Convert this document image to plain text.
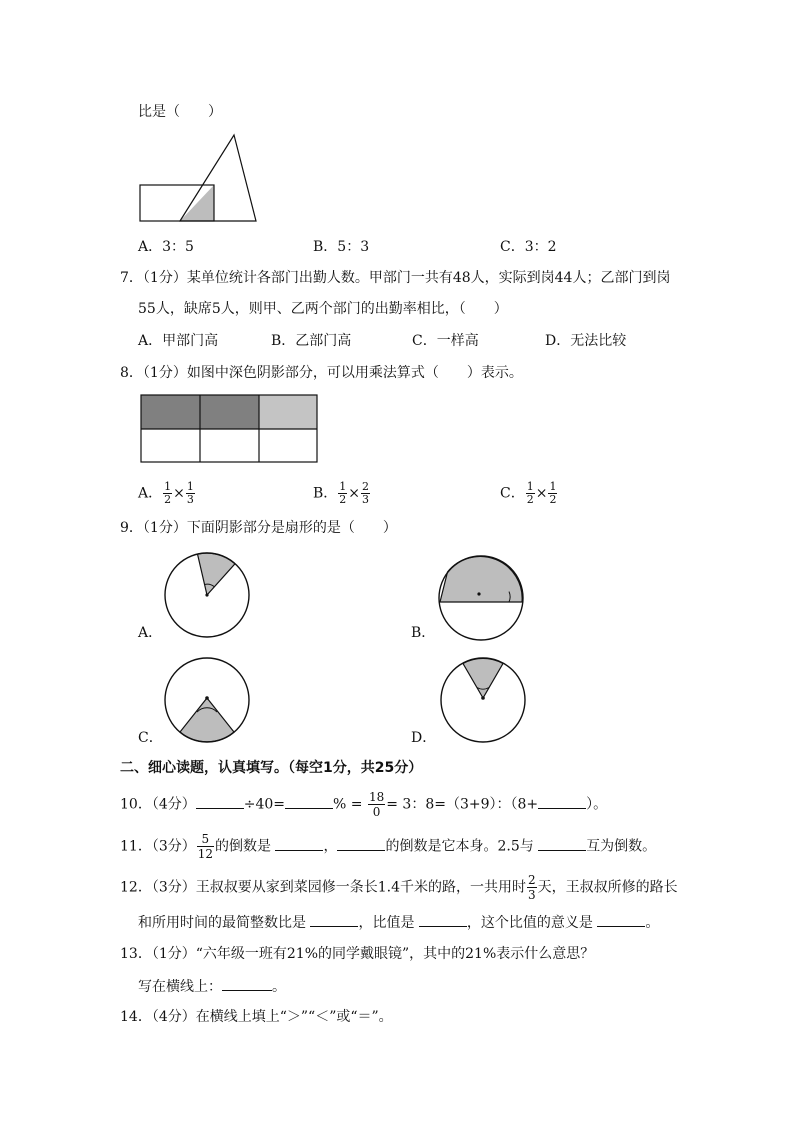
比是（　　）
A．3：5	B．5：3	C．3：2
7．（1分）某单位统计各部门出勤人数。甲部门一共有48人，实际到岗44人；乙部门到岗
55人，缺席5人，则甲、乙两个部门的出勤率相比，（　　）
A．甲部门高	B．乙部门高	C．一样高	D．无法比较
8．（1分）如图中深色阴影部分，可以用乘法算式（　　）表示。
A． $\frac{1}{2} \times \frac{1}{3}$	B． $\frac{1}{2} \times \frac{2}{3}$	C． $\frac{1}{2} \times \frac{1}{2}$
9．（1分）下面阴影部分是扇形的是（　　）
A．	B．
C．	D．
二、细心读题，认真填写。（每空1分，共25分）
10．（4分）	÷40=	% = $\frac{18}{0} = 3$：8=（3+9）：（8+	）。
11．（3分） $\frac{5}{12}$ 的倒数是	，	的倒数是它本身。2.5与	互为倒数。
12．（3分）王叔叔要从家到菜园修一条长1.4千米的路，一共用时 $\frac{2}{3}$ 天，王叔叔所修的路长
和所用时间的最简整数比是	，比值是	，这个比值的意义是	。
13．（1分）“六年级一班有21%的同学戴眼镜”，其中的21%表示什么意思？
写在横线上：	。
14．（4分）在横线上填上“＞”“＜”或“＝”。
